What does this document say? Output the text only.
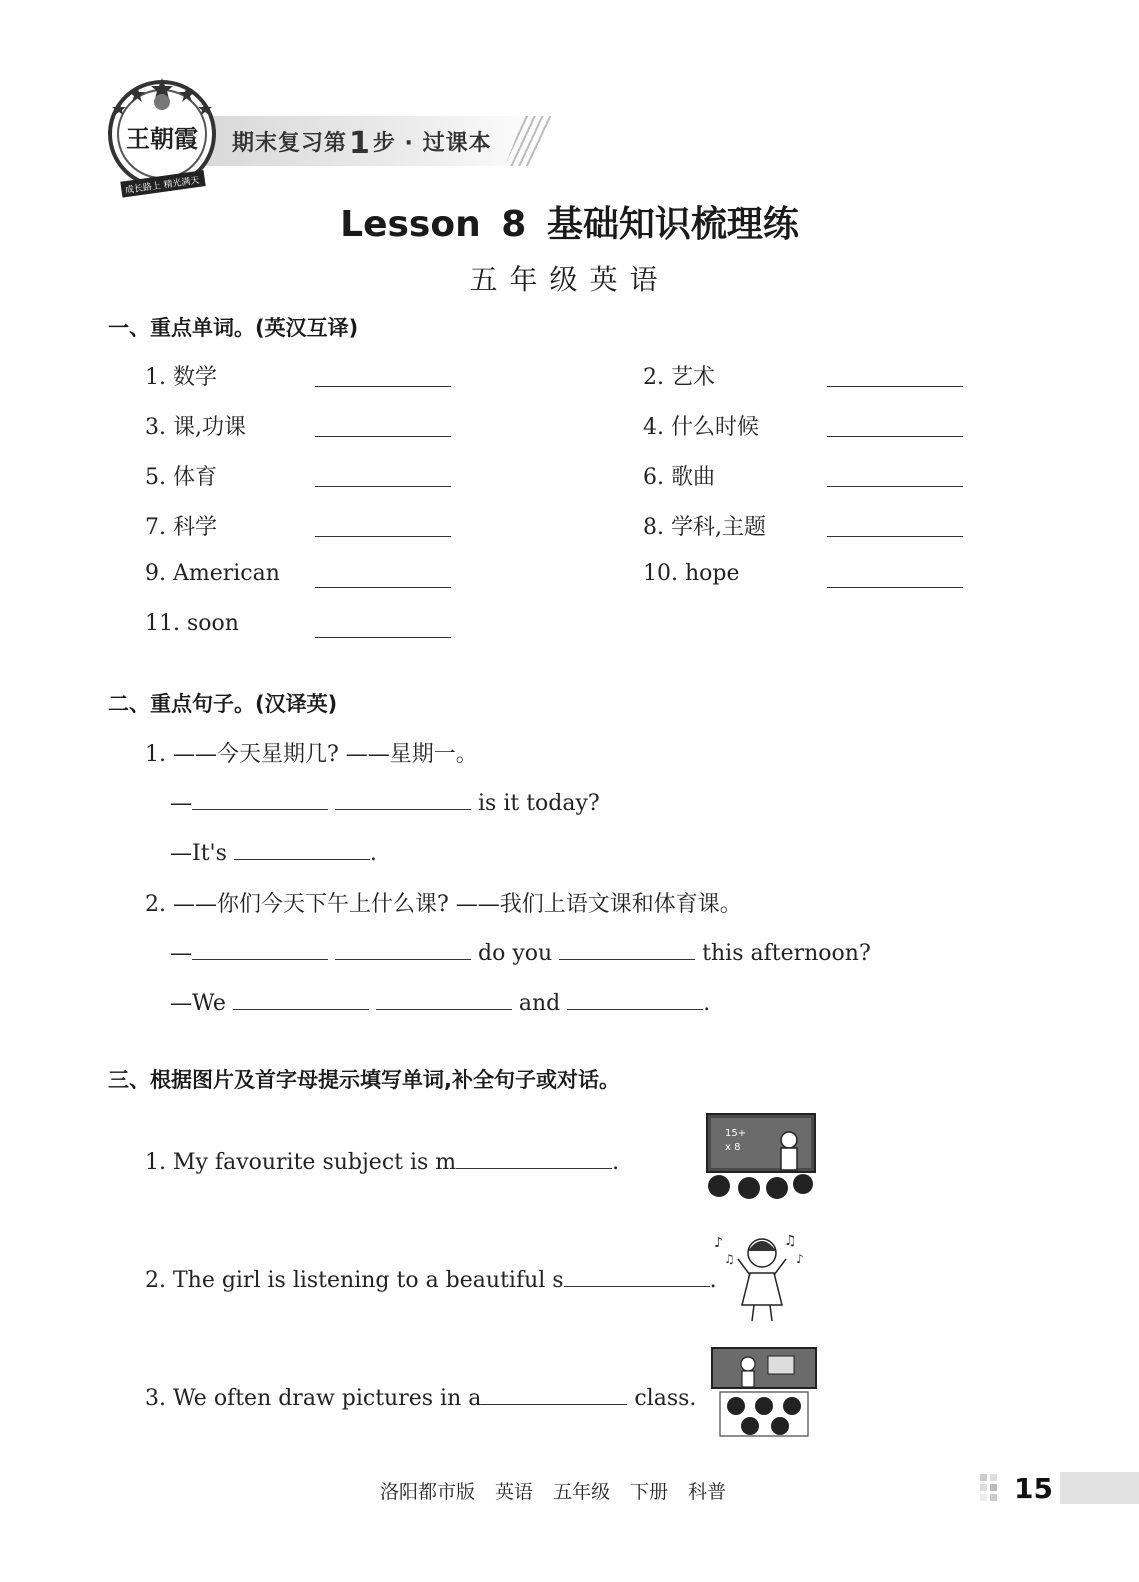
王朝霞
成长路上 精光满天
期末复习第1步 · 过课本
Lesson 8 基础知识梳理练
五年级英语
一、重点单词。(英汉互译)
1. 数学	2. 艺术
3. 课,功课	4. 什么时候
5. 体育	6. 歌曲
7. 科学	8. 学科,主题
9. American	10. hope
11. soon
二、重点句子。(汉译英)
1. ——今天星期几? ——星期一。
—	is it today?
—It's	.
2. ——你们今天下午上什么课? ——我们上语文课和体育课。
—	do you	this afternoon?
—We	and	.
三、根据图片及首字母提示填写单词,补全句子或对话。
1. My favourite subject is m	.
2. The girl is listening to a beautiful s	.
3. We often draw pictures in a	class.
15+
x 8
♪
♫
♫
♪
洛阳都市版 英语 五年级 下册 科普	15
